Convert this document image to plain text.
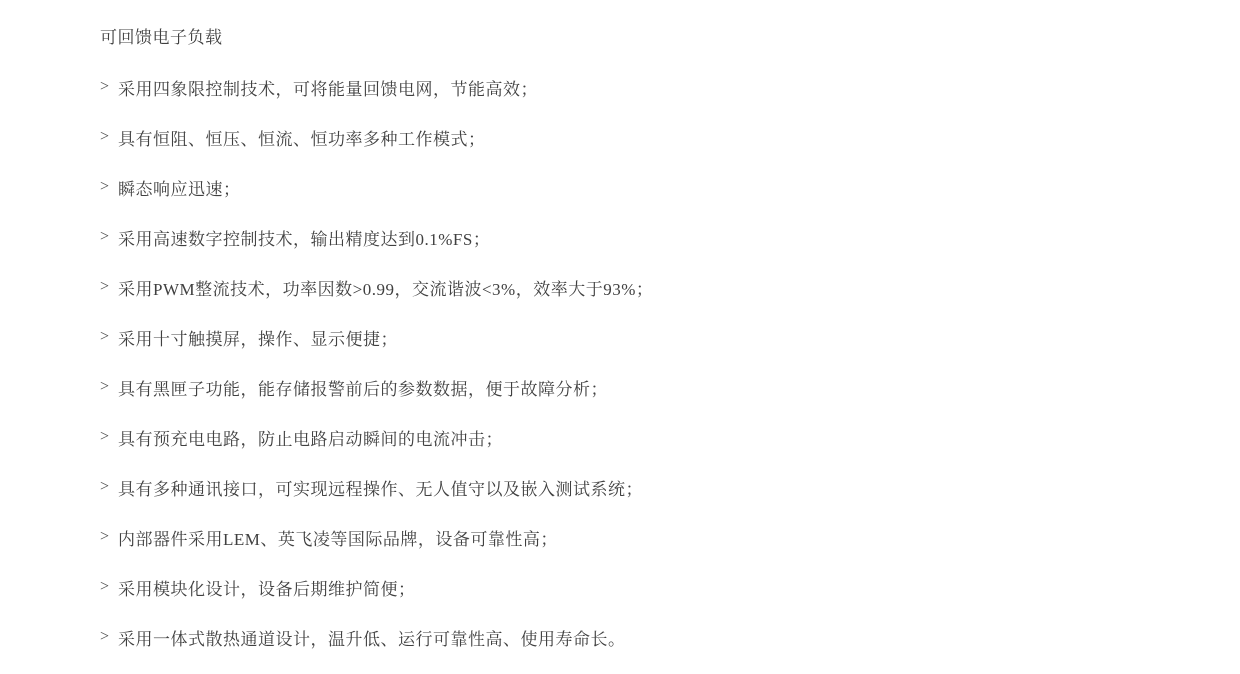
可回馈电子负载
> 采用四象限控制技术，可将能量回馈电网，节能高效；
> 具有恒阻、恒压、恒流、恒功率多种工作模式；
> 瞬态响应迅速；
> 采用高速数字控制技术，输出精度达到0.1%FS；
> 采用PWM整流技术，功率因数>0.99，交流谐波<3%，效率大于93%；
> 采用十寸触摸屏，操作、显示便捷；
> 具有黑匣子功能，能存储报警前后的参数数据，便于故障分析；
> 具有预充电电路，防止电路启动瞬间的电流冲击；
> 具有多种通讯接口，可实现远程操作、无人值守以及嵌入测试系统；
> 内部器件采用LEM、英飞凌等国际品牌，设备可靠性高；
> 采用模块化设计，设备后期维护简便；
> 采用一体式散热通道设计，温升低、运行可靠性高、使用寿命长。
